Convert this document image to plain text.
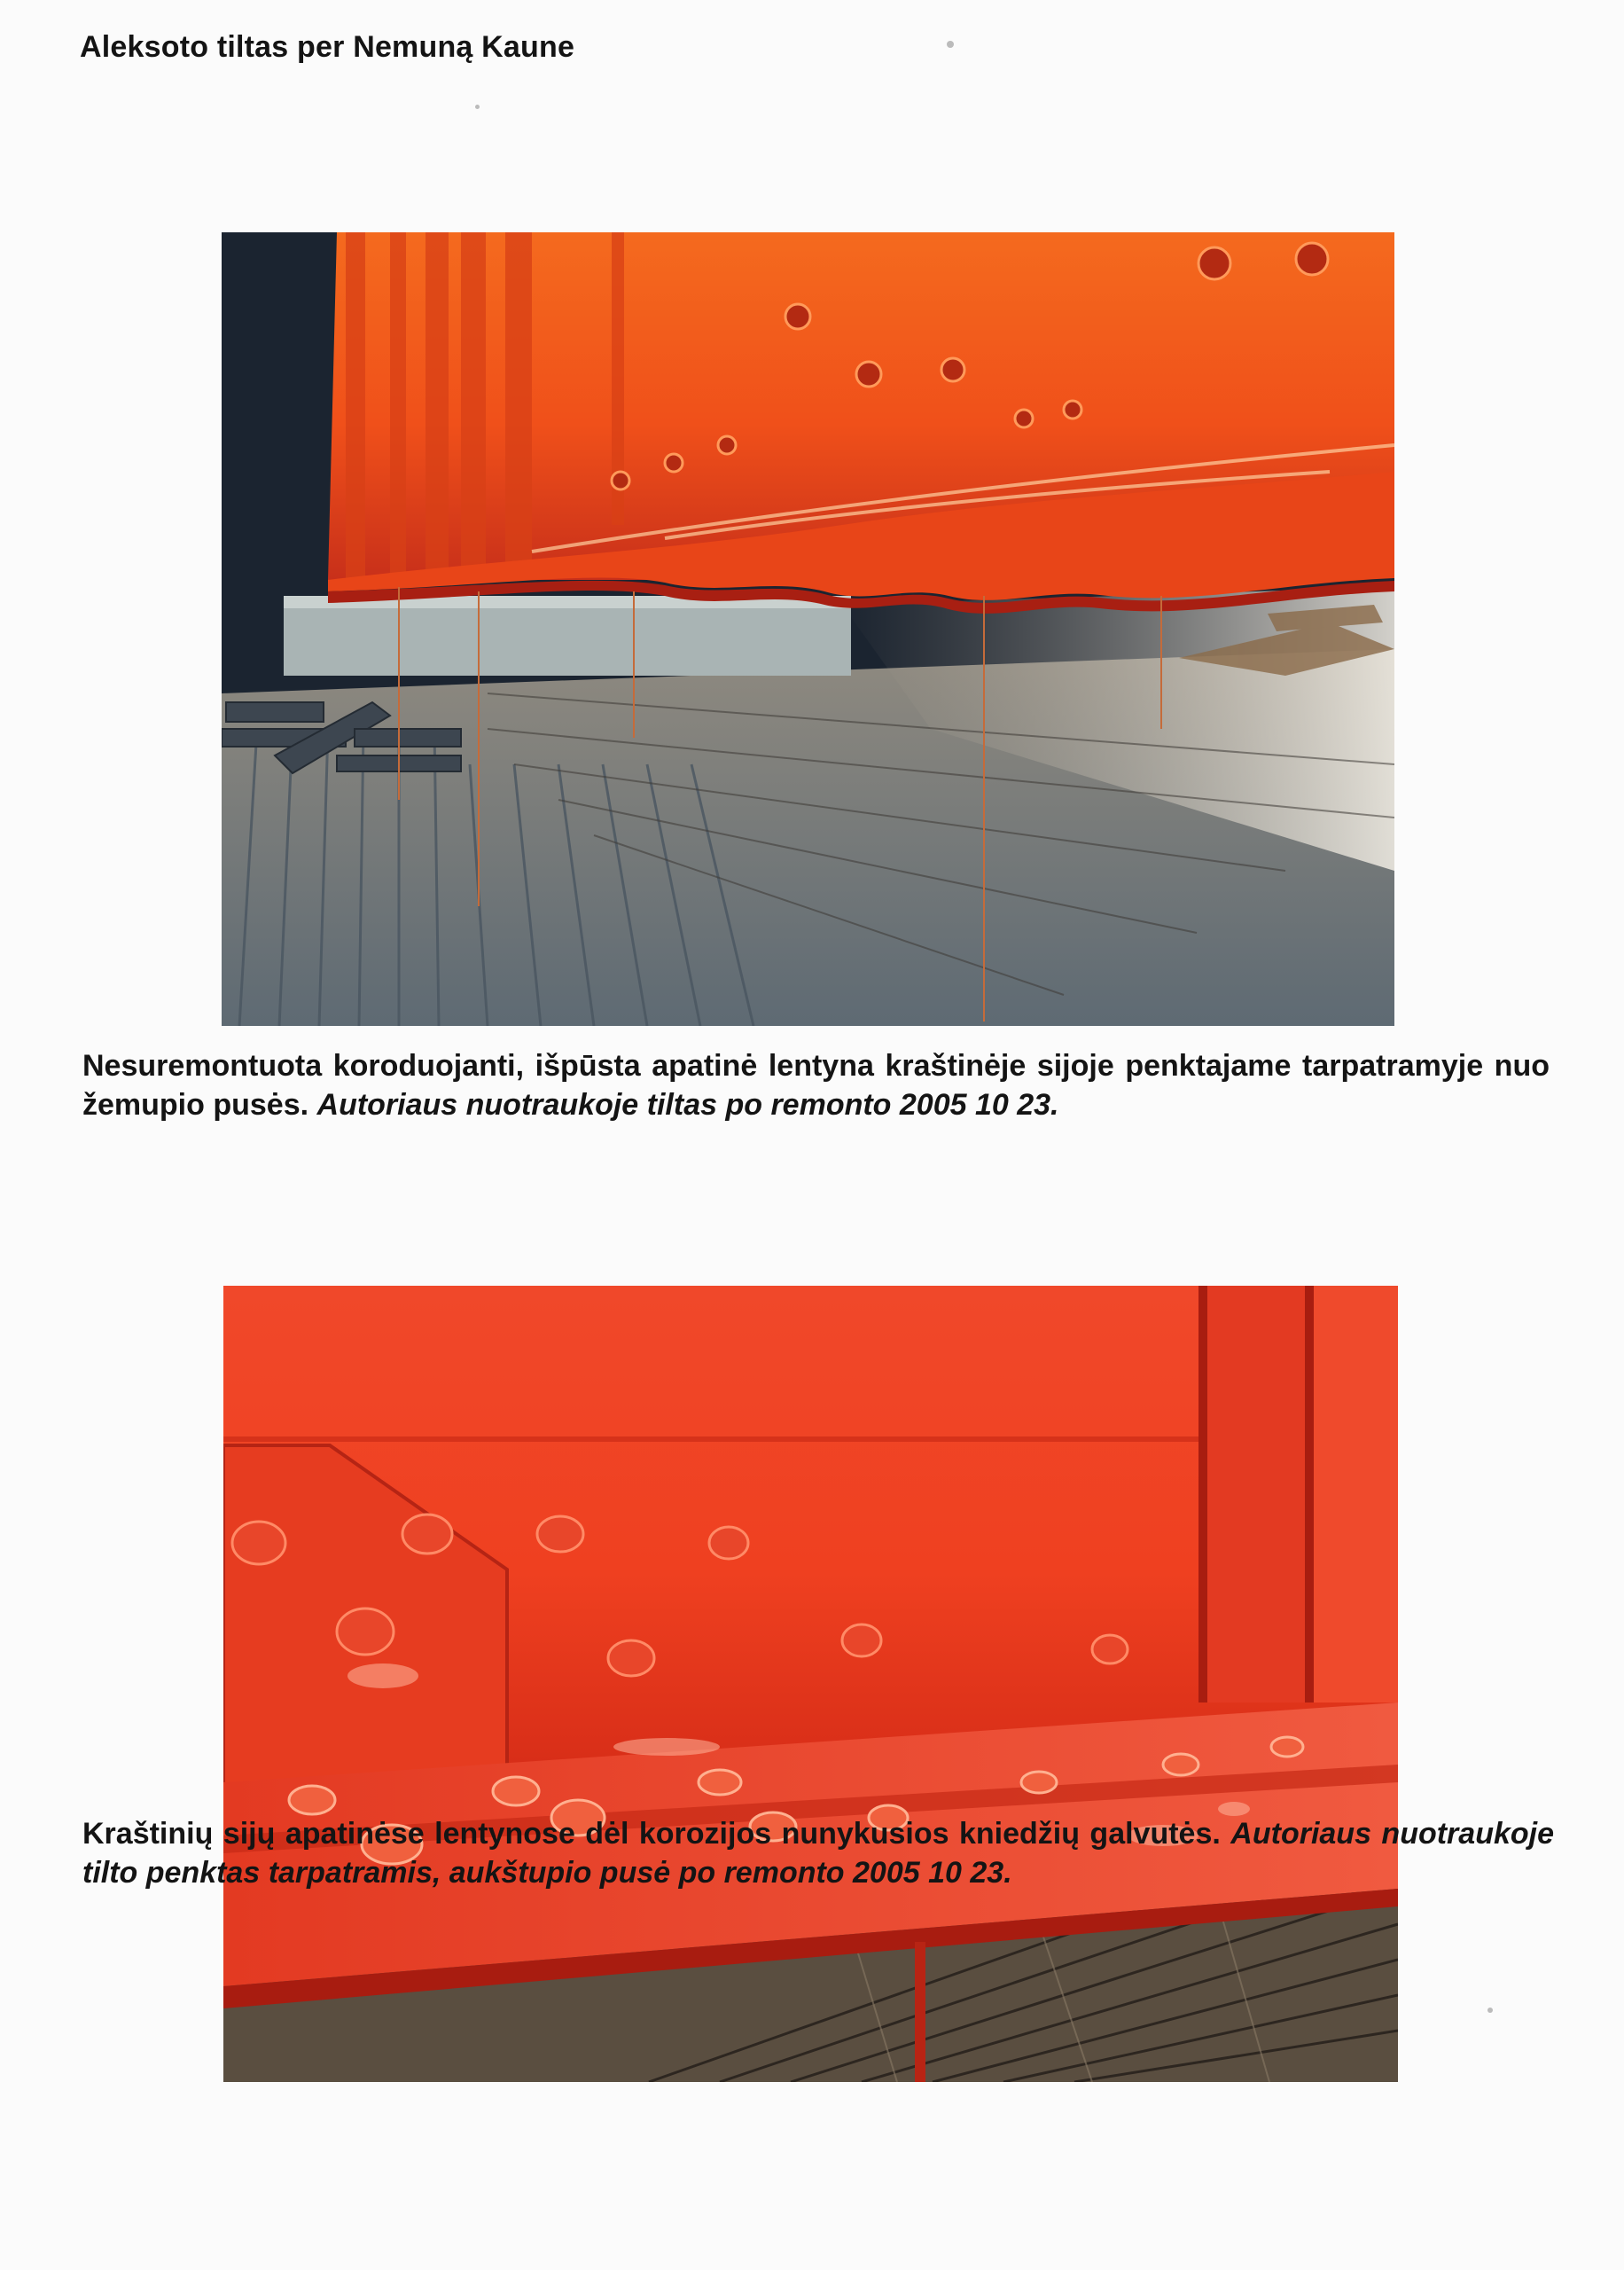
Aleksoto tiltas per Nemuną Kaune
Nesuremontuota koroduojanti, išpūsta apatinė lentyna kraštinėje sijoje penktajame tarpatramyje nuo žemupio pusės. Autoriaus nuotraukoje tiltas po remonto 2005 10 23.
Kraštinių sijų apatinėse lentynose dėl korozijos nunykusios kniedžių galvutės. Autoriaus nuotraukoje tilto penktas tarpatramis, aukštupio pusė po remonto 2005 10 23.
